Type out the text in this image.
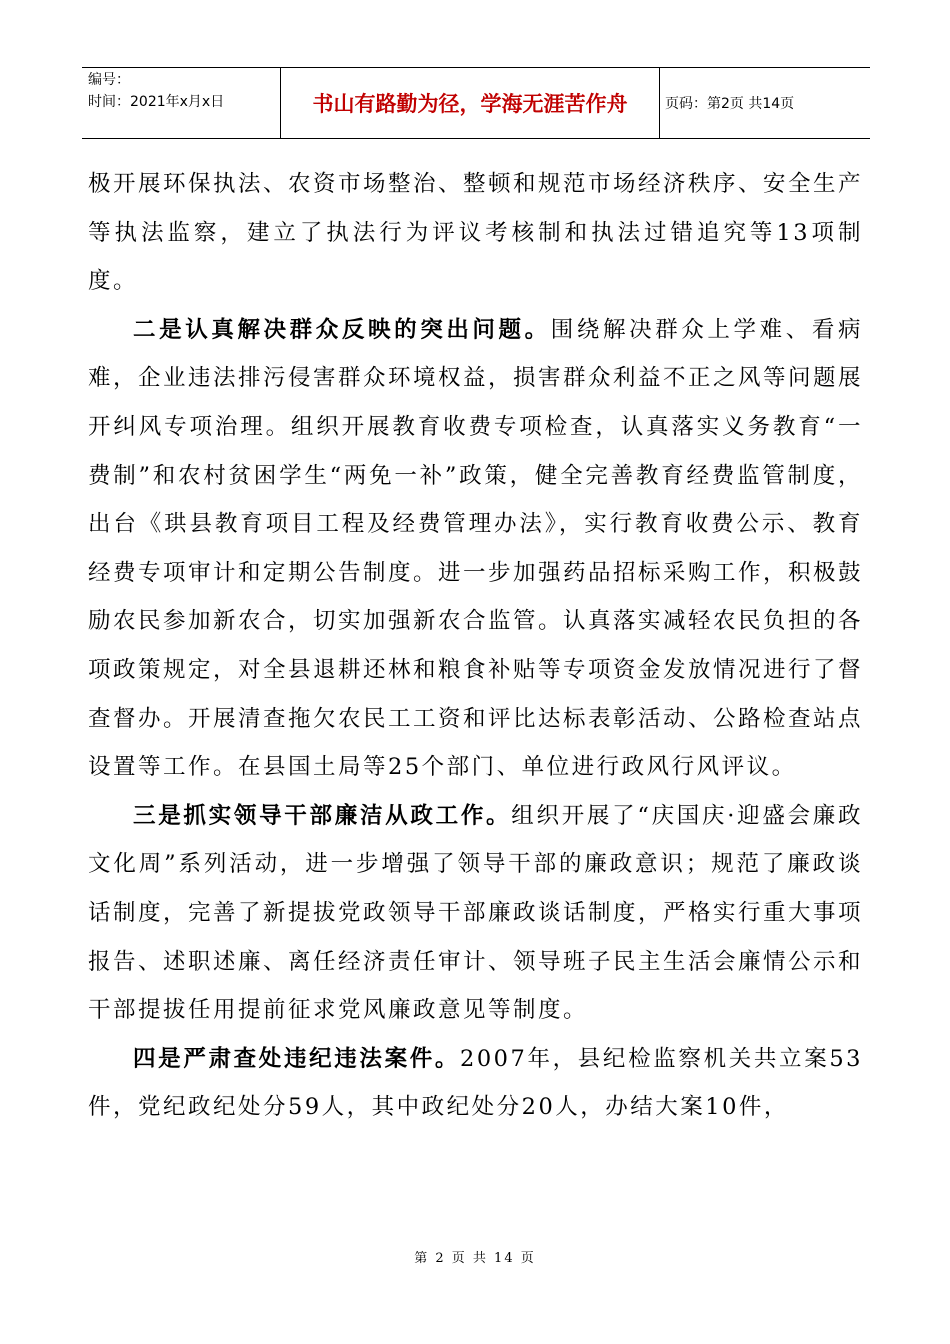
编号：
时间：2021年x月x日	书山有路勤为径，学海无涯苦作舟	页码：第2页 共14页

极开展环保执法、农资市场整治、整顿和规范市场经济秩序、安全生产等执法监察，建立了执法行为评议考核制和执法过错追究等13项制度。

二是认真解决群众反映的突出问题。围绕解决群众上学难、看病难，企业违法排污侵害群众环境权益，损害群众利益不正之风等问题展开纠风专项治理。组织开展教育收费专项检查，认真落实义务教育“一费制”和农村贫困学生“两免一补”政策，健全完善教育经费监管制度，出台《珙县教育项目工程及经费管理办法》，实行教育收费公示、教育经费专项审计和定期公告制度。进一步加强药品招标采购工作，积极鼓励农民参加新农合，切实加强新农合监管。认真落实减轻农民负担的各项政策规定，对全县退耕还林和粮食补贴等专项资金发放情况进行了督查督办。开展清查拖欠农民工工资和评比达标表彰活动、公路检查站点设置等工作。在县国土局等25个部门、单位进行政风行风评议。

三是抓实领导干部廉洁从政工作。组织开展了“庆国庆·迎盛会廉政文化周”系列活动，进一步增强了领导干部的廉政意识；规范了廉政谈话制度，完善了新提拔党政领导干部廉政谈话制度，严格实行重大事项报告、述职述廉、离任经济责任审计、领导班子民主生活会廉情公示和干部提拔任用提前征求党风廉政意见等制度。

四是严肃查处违纪违法案件。2007年，县纪检监察机关共立案53件，党纪政纪处分59人，其中政纪处分20人，办结大案10件，

第 2 页 共 14 页
